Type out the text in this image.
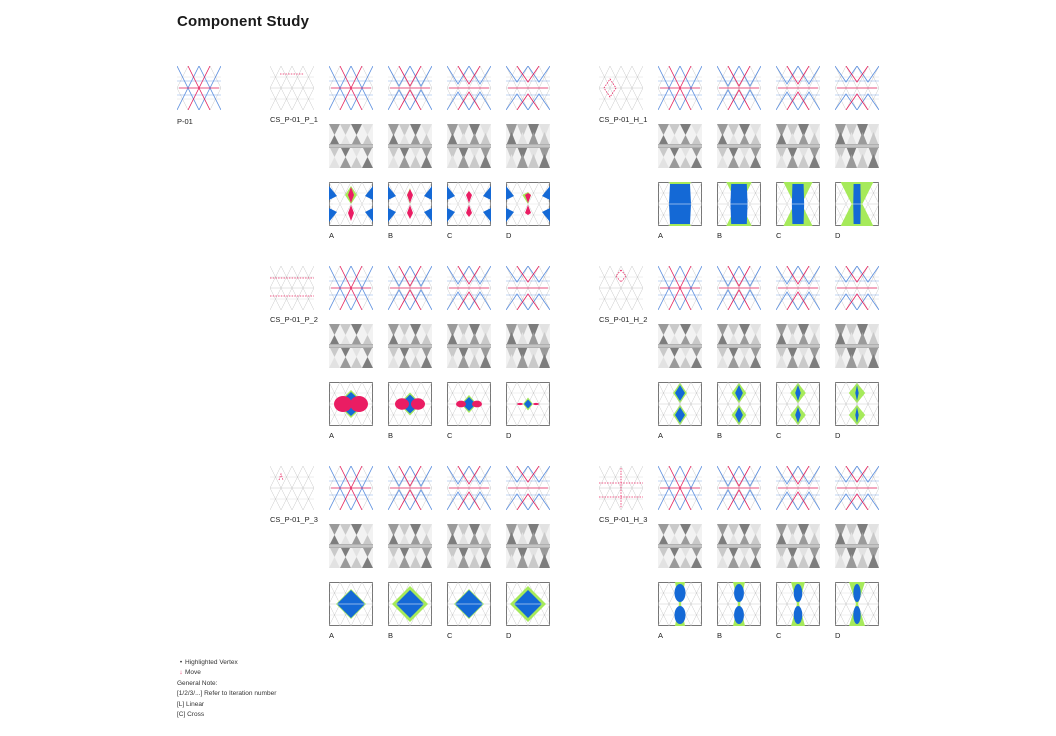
Component Study
P-01	CS_P-01_P_1
A	B	C	D
CS_P-01_H_1
A	B	C	D
CS_P-01_P_2
A	B	C	D
CS_P-01_H_2
A	B	C	D
CS_P-01_P_3
A	B	C	D
CS_P-01_H_3
A	B	C	D
• Highlighted Vertex
↓ Move
General Note:
[1/2/3/...] Refer to Iteration number
[L] Linear
[C] Cross
